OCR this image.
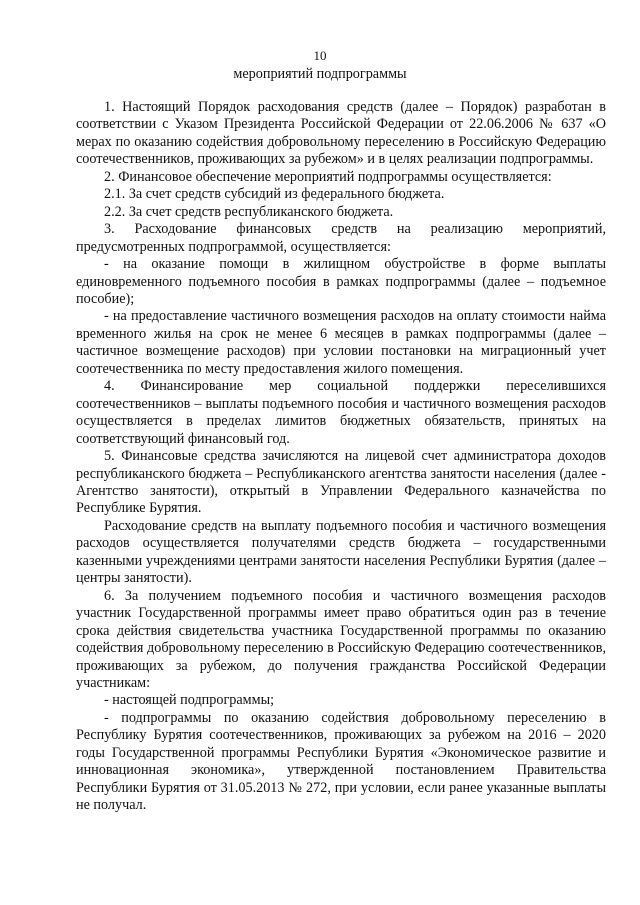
10
мероприятий подпрограммы

1. Настоящий Порядок расходования средств (далее – Порядок) разработан в соответствии с Указом Президента Российской Федерации от 22.06.2006 № 637 «О мерах по оказанию содействия добровольному переселению в Российскую Федерацию соотечественников, проживающих за рубежом» и в целях реализации подпрограммы.

2. Финансовое обеспечение мероприятий подпрограммы осуществляется:

2.1. За счет средств субсидий из федерального бюджета.

2.2. За счет средств республиканского бюджета.

3. Расходование финансовых средств на реализацию мероприятий, предусмотренных подпрограммой, осуществляется:

- на оказание помощи в жилищном обустройстве в форме выплаты единовременного подъемного пособия в рамках подпрограммы (далее – подъемное пособие);

- на предоставление частичного возмещения расходов на оплату стоимости найма временного жилья на срок не менее 6 месяцев в рамках подпрограммы (далее – частичное возмещение расходов) при условии постановки на миграционный учет соотечественника по месту предоставления жилого помещения.

4. Финансирование мер социальной поддержки переселившихся соотечественников – выплаты подъемного пособия и частичного возмещения расходов осуществляется в пределах лимитов бюджетных обязательств, принятых на соответствующий финансовый год.

5. Финансовые средства зачисляются на лицевой счет администратора доходов республиканского бюджета – Республиканского агентства занятости населения (далее - Агентство занятости), открытый в Управлении Федерального казначейства по Республике Бурятия.

Расходование средств на выплату подъемного пособия и частичного возмещения расходов осуществляется получателями средств бюджета – государственными казенными учреждениями центрами занятости населения Республики Бурятия (далее – центры занятости).

6. За получением подъемного пособия и частичного возмещения расходов участник Государственной программы имеет право обратиться один раз в течение срока действия свидетельства участника Государственной программы по оказанию содействия добровольному переселению в Российскую Федерацию соотечественников, проживающих за рубежом, до получения гражданства Российской Федерации участникам:

- настоящей подпрограммы;

- подпрограммы по оказанию содействия добровольному переселению в Республику Бурятия соотечественников, проживающих за рубежом на 2016 – 2020 годы Государственной программы Республики Бурятия «Экономическое развитие и инновационная экономика», утвержденной постановлением Правительства Республики Бурятия от 31.05.2013 № 272, при условии, если ранее указанные выплаты не получал.
